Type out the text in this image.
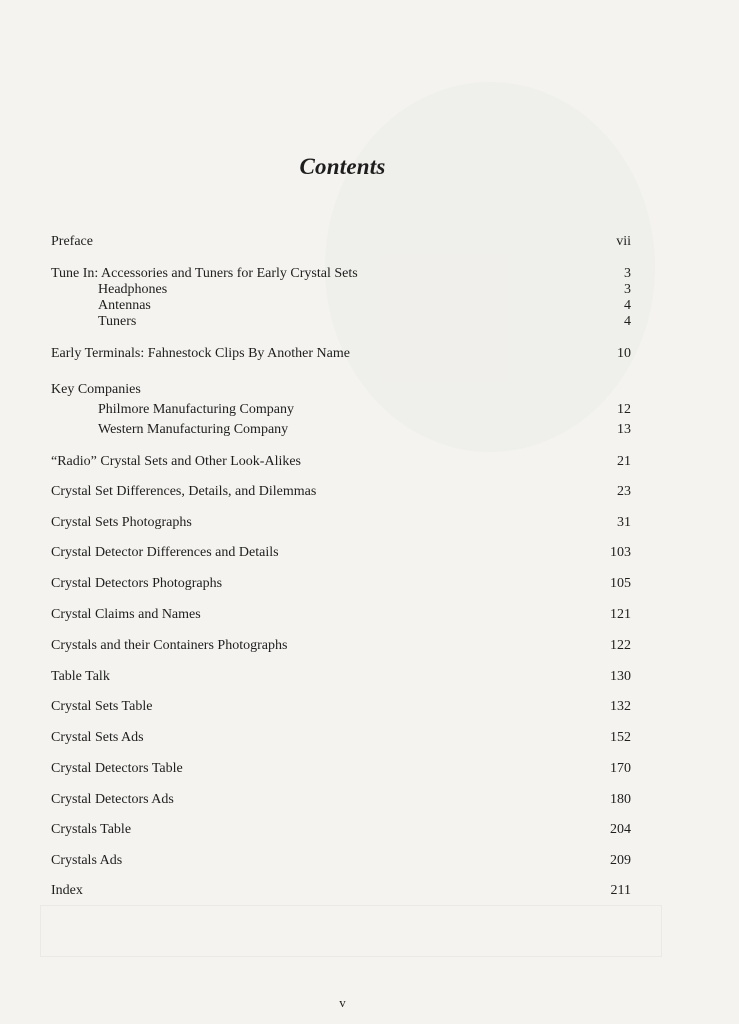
Contents
Preface	vii
Tune In: Accessories and Tuners for Early Crystal Sets	3
Headphones	3
Antennas	4
Tuners	4
Early Terminals: Fahnestock Clips By Another Name	10
Key Companies
Philmore Manufacturing Company	12
Western Manufacturing Company	13
“Radio” Crystal Sets and Other Look-Alikes	21
Crystal Set Differences, Details, and Dilemmas	23
Crystal Sets Photographs	31
Crystal Detector Differences and Details	103
Crystal Detectors Photographs	105
Crystal Claims and Names	121
Crystals and their Containers Photographs	122
Table Talk	130
Crystal Sets Table	132
Crystal Sets Ads	152
Crystal Detectors Table	170
Crystal Detectors Ads	180
Crystals Table	204
Crystals Ads	209
Index	211
v
